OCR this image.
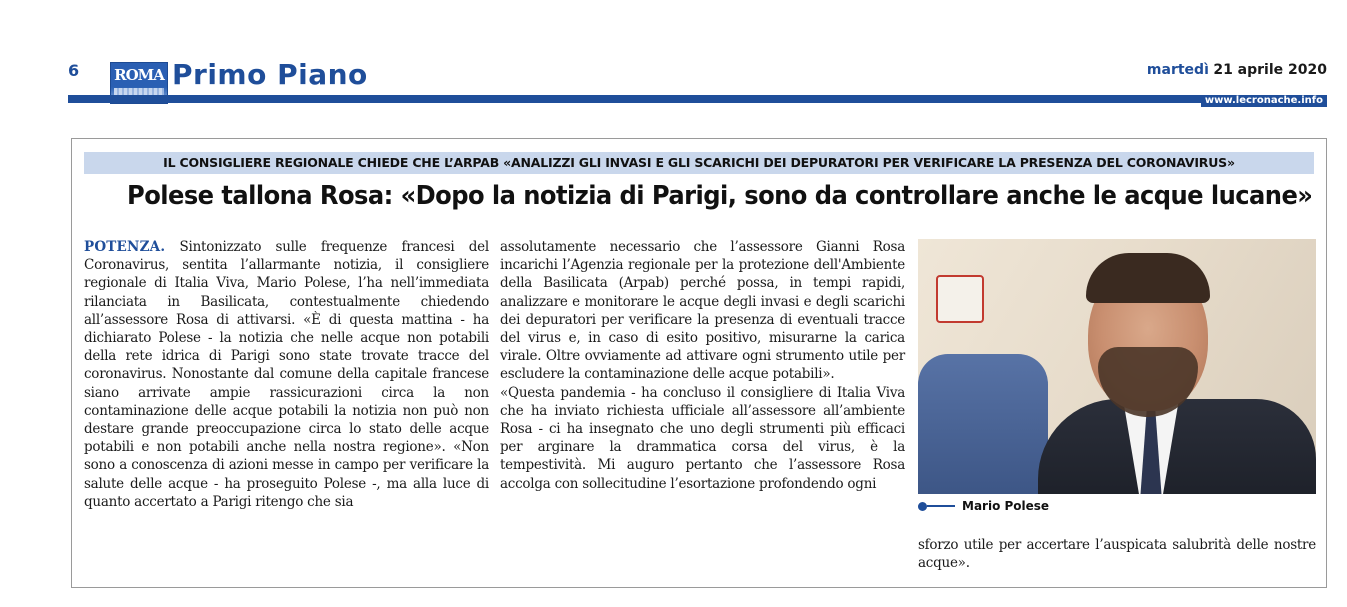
6 ROMA Primo Piano	martedì 21 aprile 2020
www.lecronache.info
IL CONSIGLIERE REGIONALE CHIEDE CHE L’ARPAB «ANALIZZI GLI INVASI E GLI SCARICHI DEI DEPURATORI PER VERIFICARE LA PRESENZA DEL CORONAVIRUS»
Polese tallona Rosa: «Dopo la notizia di Parigi, sono da controllare anche le acque lucane»

POTENZA. Sintonizzato sulle frequenze francesi del Coronavirus, sentita l’allarmante notizia, il consigliere regionale di Italia Viva, Mario Polese, l’ha nell’immediata rilanciata in Basilicata, contestualmente chiedendo all’assessore Rosa di attivarsi. «È di questa mattina - ha dichiarato Polese - la notizia che nelle acque non potabili della rete idrica di Parigi sono state trovate tracce del coronavirus. Nonostante dal comune della capitale francese siano arrivate ampie rassicurazioni circa la non contaminazione delle acque potabili la notizia non può non destare grande preoccupazione circa lo stato delle acque potabili e non potabili anche nella nostra regione». «Non sono a conoscenza di azioni messe in campo per verificare la salute delle acque - ha proseguito Polese -, ma alla luce di quanto accertato a Parigi ritengo che sia

assolutamente necessario che l’assessore Gianni Rosa incarichi l’Agenzia regionale per la protezione dell'Ambiente della Basilicata (Arpab) perché possa, in tempi rapidi, analizzare e monitorare le acque degli invasi e degli scarichi dei depuratori per verificare la presenza di eventuali tracce del virus e, in caso di esito positivo, misurarne la carica virale. Oltre ovviamente ad attivare ogni strumento utile per escludere la contaminazione delle acque potabili».

«Questa pandemia - ha concluso il consigliere di Italia Viva che ha inviato richiesta ufficiale all’assessore all’ambiente Rosa - ci ha insegnato che uno degli strumenti più efficaci per arginare la drammatica corsa del virus, è la tempestività. Mi auguro pertanto che l’assessore Rosa accolga con sollecitudine l’esortazione profondendo ogni

Mario Polese

sforzo utile per accertare l’auspicata salubrità delle nostre acque».
